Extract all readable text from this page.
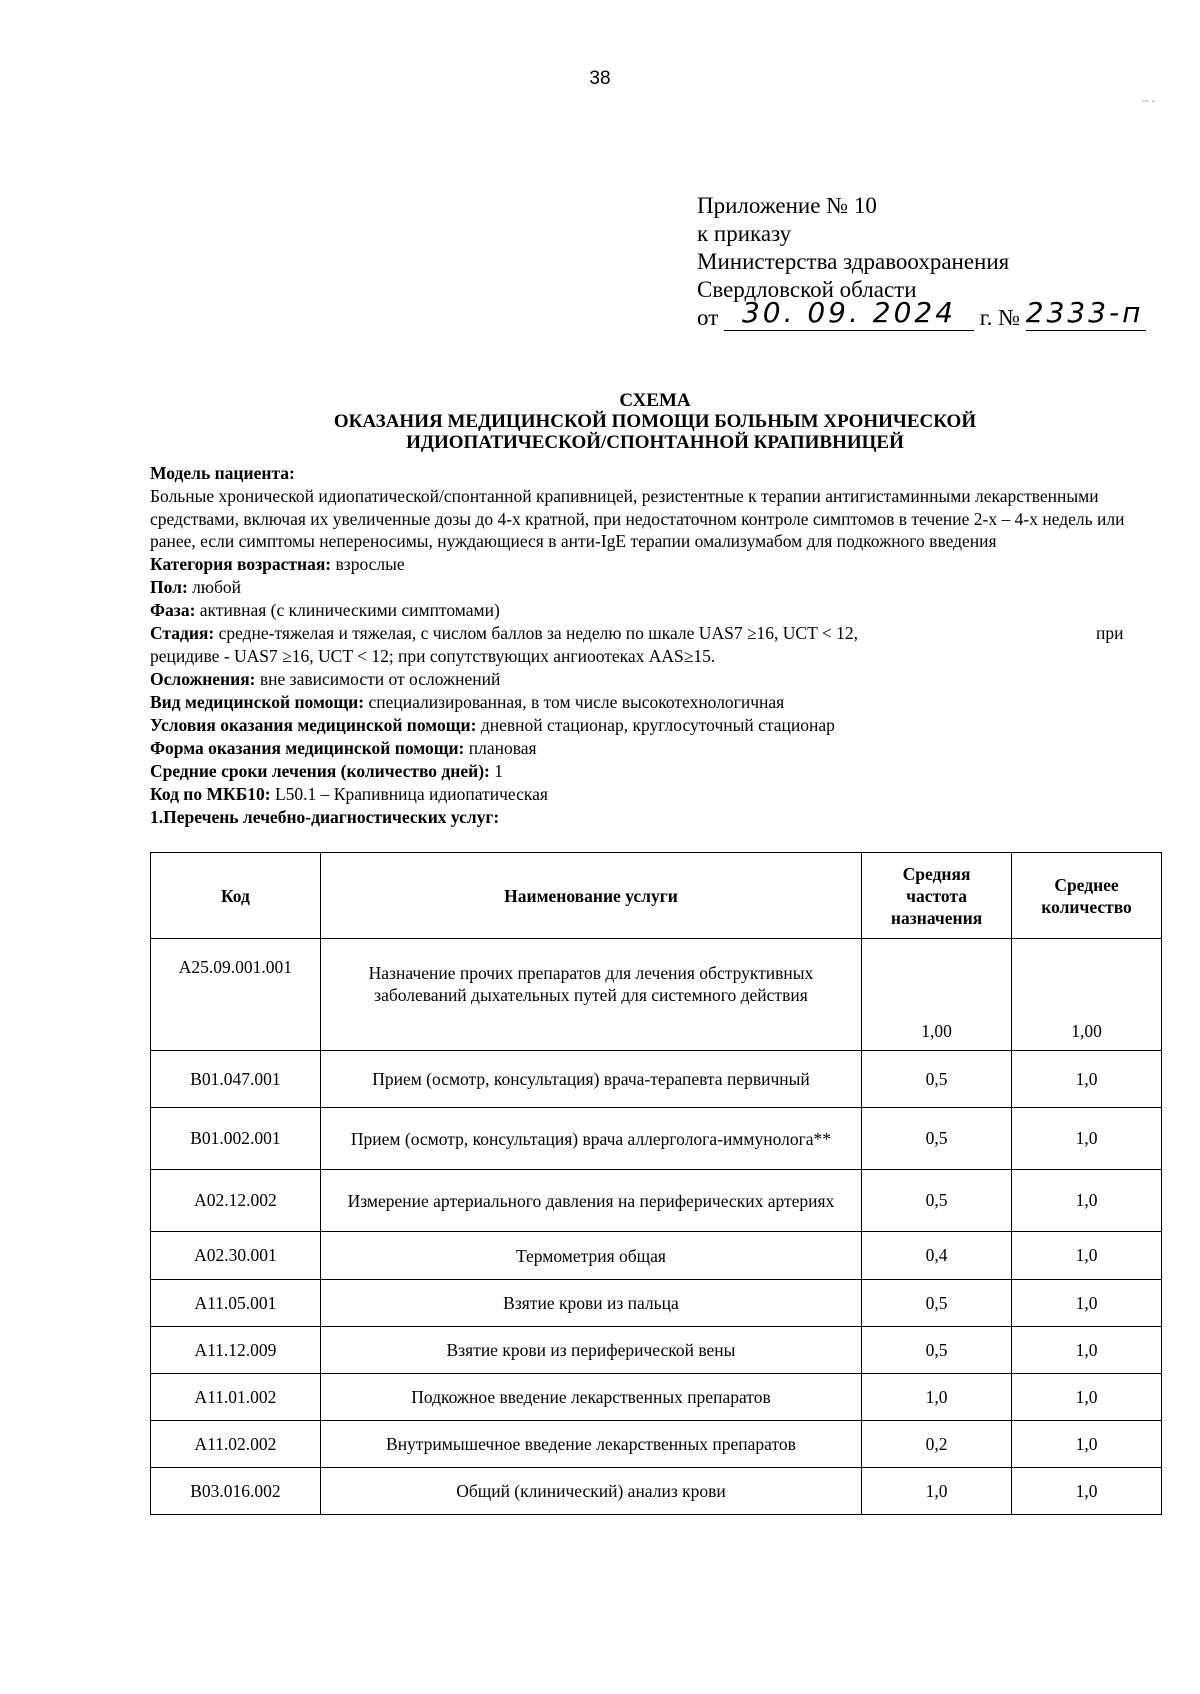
38
-- -
Приложение № 10
к приказу
Министерства здравоохранения
Свердловской области
от 30. 09. 2024 г. № 2333-п
СХЕМА
ОКАЗАНИЯ МЕДИЦИНСКОЙ ПОМОЩИ БОЛЬНЫМ ХРОНИЧЕСКОЙ
ИДИОПАТИЧЕСКОЙ/СПОНТАННОЙ КРАПИВНИЦЕЙ
Модель пациента:
Больные хронической идиопатической/спонтанной крапивницей, резистентные к терапии антигистаминными лекарственными средствами, включая их увеличенные дозы до 4-х кратной, при недостаточном контроле симптомов в течение 2-х – 4-х недель или ранее, если симптомы непереносимы, нуждающиеся в анти-IgE терапии омализумабом для подкожного введения
Категория возрастная: взрослые
Пол: любой
Фаза: активная (с клиническими симптомами)
Стадия: средне-тяжелая и тяжелая, с числом баллов за неделю по шкале UAS7 ≥16, UCT < 12,	при
рецидиве - UAS7 ≥16, UCT < 12; при сопутствующих ангиоотеках AAS≥15.
Осложнения: вне зависимости от осложнений
Вид медицинской помощи: специализированная, в том числе высокотехнологичная
Условия оказания медицинской помощи: дневной стационар, круглосуточный стационар
Форма оказания медицинской помощи: плановая
Средние сроки лечения (количество дней): 1
Код по МКБ10: L50.1 – Крапивница идиопатическая
1.Перечень лечебно-диагностических услуг:
Код	Наименование услуги	Средняя частота назначения	Среднее количество
A25.09.001.001	Назначение прочих препаратов для лечения обструктивных заболеваний дыхательных путей для системного действия	1,00	1,00
B01.047.001	Прием (осмотр, консультация) врача-терапевта первичный	0,5	1,0
B01.002.001	Прием (осмотр, консультация) врача аллерголога-иммунолога**	0,5	1,0
A02.12.002	Измерение артериального давления на периферических артериях	0,5	1,0
A02.30.001	Термометрия общая	0,4	1,0
A11.05.001	Взятие крови из пальца	0,5	1,0
A11.12.009	Взятие крови из периферической вены	0,5	1,0
A11.01.002	Подкожное введение лекарственных препаратов	1,0	1,0
A11.02.002	Внутримышечное введение лекарственных препаратов	0,2	1,0
B03.016.002	Общий (клинический) анализ крови	1,0	1,0
